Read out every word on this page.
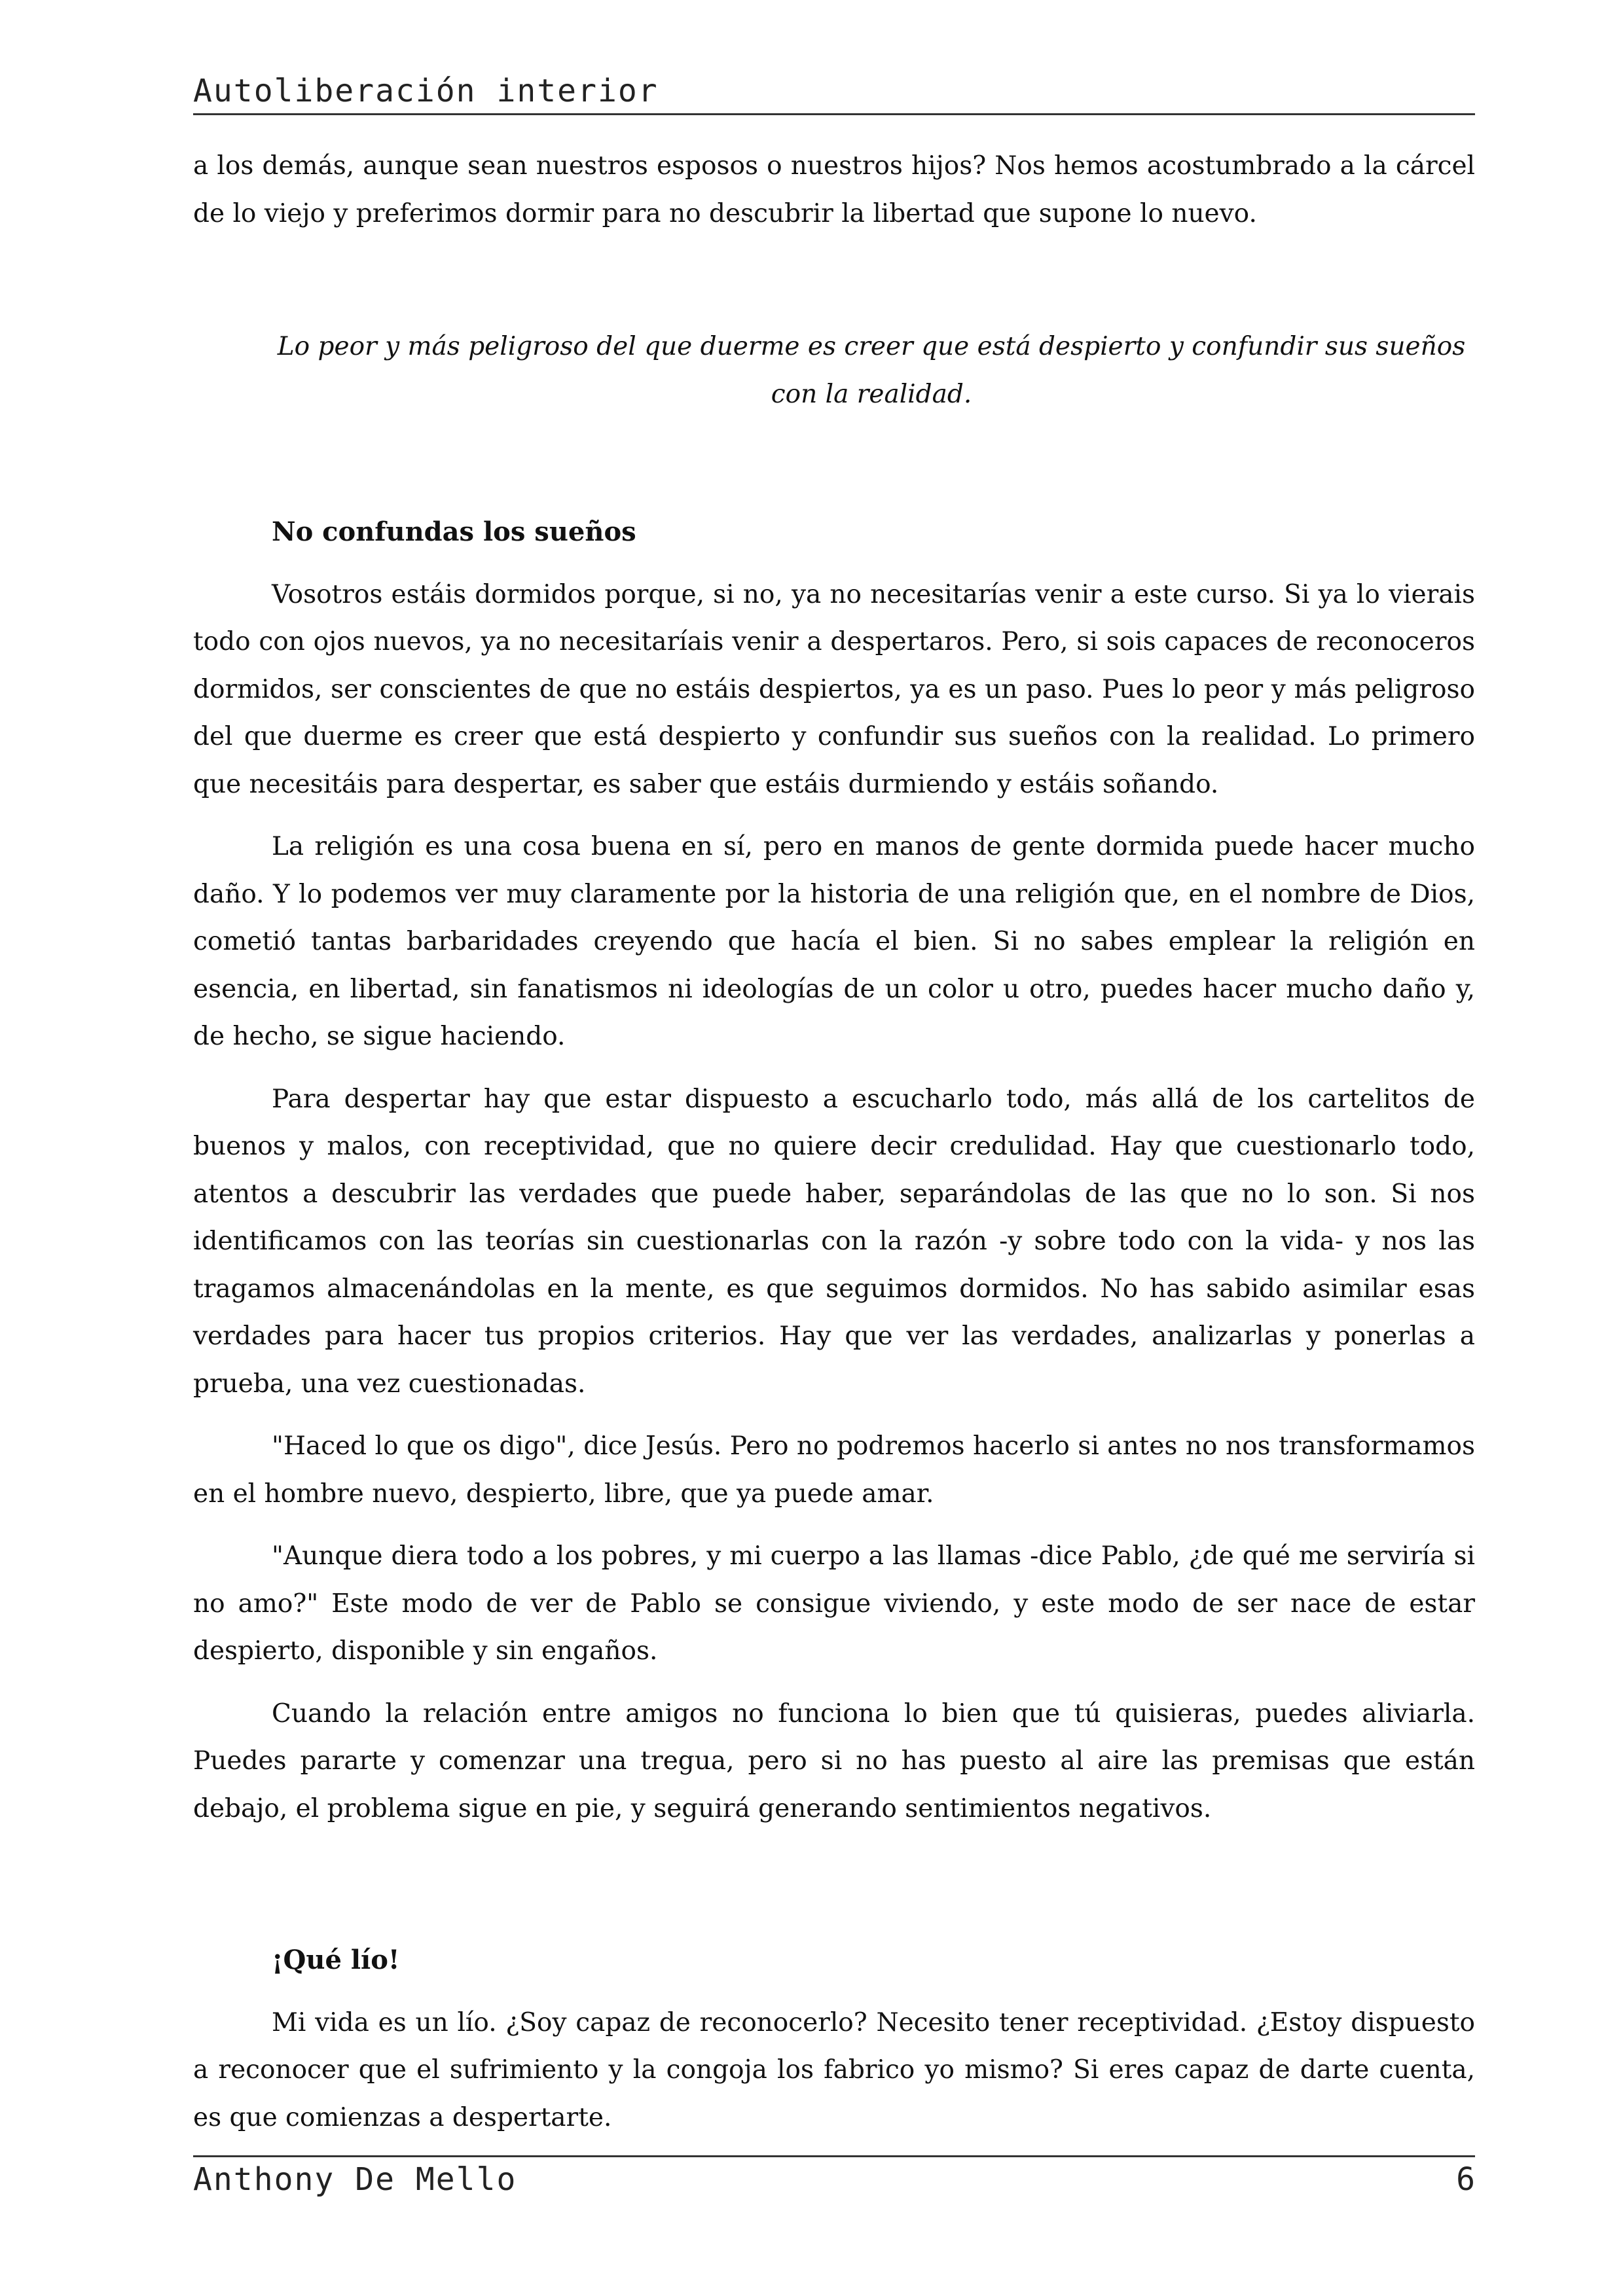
Autoliberación interior

a los demás, aunque sean nuestros esposos o nuestros hijos? Nos hemos acostumbrado a la cárcel de lo viejo y preferimos dormir para no descubrir la libertad que supone lo nuevo.

Lo peor y más peligroso del que duerme es creer que está despierto y confundir sus sueños con la realidad.

No confundas los sueños

Vosotros estáis dormidos porque, si no, ya no necesitarías venir a este curso. Si ya lo vierais todo con ojos nuevos, ya no necesitaríais venir a despertaros. Pero, si sois capaces de reconoceros dormidos, ser conscientes de que no estáis despiertos, ya es un paso. Pues lo peor y más peligroso del que duerme es creer que está despierto y confundir sus sueños con la realidad. Lo primero que necesitáis para despertar, es saber que estáis durmiendo y estáis soñando.

La religión es una cosa buena en sí, pero en manos de gente dormida puede hacer mucho daño. Y lo podemos ver muy claramente por la historia de una religión que, en el nombre de Dios, cometió tantas barbaridades creyendo que hacía el bien. Si no sabes emplear la religión en esencia, en libertad, sin fanatismos ni ideologías de un color u otro, puedes hacer mucho daño y, de hecho, se sigue haciendo.

Para despertar hay que estar dispuesto a escucharlo todo, más allá de los cartelitos de buenos y malos, con receptividad, que no quiere decir credulidad. Hay que cuestionarlo todo, atentos a descubrir las verdades que puede haber, separándolas de las que no lo son. Si nos identificamos con las teorías sin cuestionarlas con la razón -y sobre todo con la vida- y nos las tragamos almacenándolas en la mente, es que seguimos dormidos. No has sabido asimilar esas verdades para hacer tus propios criterios. Hay que ver las verdades, analizarlas y ponerlas a prueba, una vez cuestionadas.

"Haced lo que os digo", dice Jesús. Pero no podremos hacerlo si antes no nos transformamos en el hombre nuevo, despierto, libre, que ya puede amar.

"Aunque diera todo a los pobres, y mi cuerpo a las llamas -dice Pablo, ¿de qué me serviría si no amo?" Este modo de ver de Pablo se consigue viviendo, y este modo de ser nace de estar despierto, disponible y sin engaños.

Cuando la relación entre amigos no funciona lo bien que tú quisieras, puedes aliviarla. Puedes pararte y comenzar una tregua, pero si no has puesto al aire las premisas que están debajo, el problema sigue en pie, y seguirá generando sentimientos negativos.

¡Qué lío!

Mi vida es un lío. ¿Soy capaz de reconocerlo? Necesito tener receptividad. ¿Estoy dispuesto a reconocer que el sufrimiento y la congoja los fabrico yo mismo? Si eres capaz de darte cuenta, es que comienzas a despertarte.

Anthony De Mello	6
